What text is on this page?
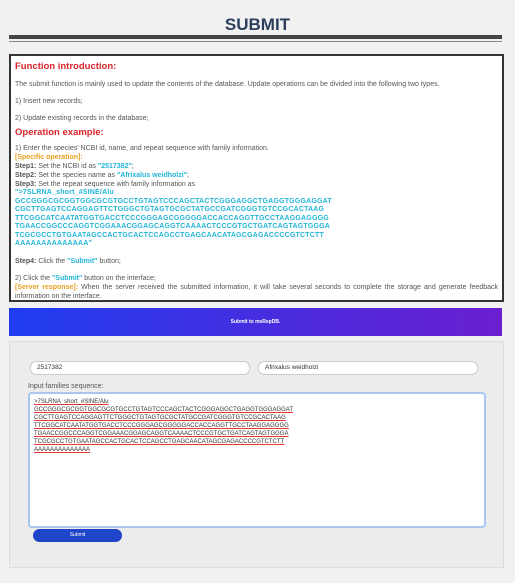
SUBMIT
Function introduction:

The submit function is mainly used to update the contents of the database. Update operations can be divided into the following two types.

1) Insert new records;

2) Update existing records in the database;

Operation example:

1) Enter the species' NCBI id, name, and repeat sequence with family information.

[Specific operation]:

Step1: Set the NCBI id as "2517382";

Step2: Set the species name as "Afrixalus weidholzi";

Step3: Set the repeat sequence with family information as

">7SLRNA_short_#SINE/Alu

GCCGGGCGCGGTGGCGCGTGCCTGTAGTCCCAGCTACTCGGGAGGCTGAGGTGGGAGGAT

CGCTTGAGTCCAGGAGTTCTGGGCTGTAGTGCGCTATGCCGATCGGGTGTCCGCACTAAG

TTCGGCATCAATATGGTGACCTCCCGGGAGCGGGGGACCACCAGGTTGCCTAAGGAGGGG

TGAACCGGCCCAGGTCGGAAACGGAGCAGGTCAAAACTCCCGTGCTGATCAGTAGTGGGA

TCGCGCCTGTGAATAGCCACTGCACTCCAGCCTGAGCAACATAGCGAGACCCCGTCTCTT

AAAAAAAAAAAAAA"

Step4: Click the "Submit" button;

2) Click the "Submit" button on the interface;

[Server response]: When the server received the submitted information, it will take several seconds to complete the storage and generate feedback information on the interface.

Submit to msRepDB.
2517382	Afrixalus weidholzi
Input families sequence:
>7SLRNA_short_#SINE/Alu
GCCGGGCGCGGTGGCGCGTGCCTGTAGTCCCAGCTACTCGGGAGGCTGAGGTGGGAGGAT
CGCTTGAGTCCAGGAGTTCTGGGCTGTAGTGCGCTATGCCGATCGGGTGTCCGCACTAAG
TTCGGCATCAATATGGTGACCTCCCGGGAGCGGGGGACCACCAGGTTGCCTAAGGAGGGG
TGAACCGGCCCAGGTCGGAAACGGAGCAGGTCAAAACTCCCGTGCTGATCAGTAGTGGGA
TCGCGCCTGTGAATAGCCACTGCACTCCAGCCTGAGCAACATAGCGAGACCCCGTCTCTT
AAAAAAAAAAAAAA
Submit
